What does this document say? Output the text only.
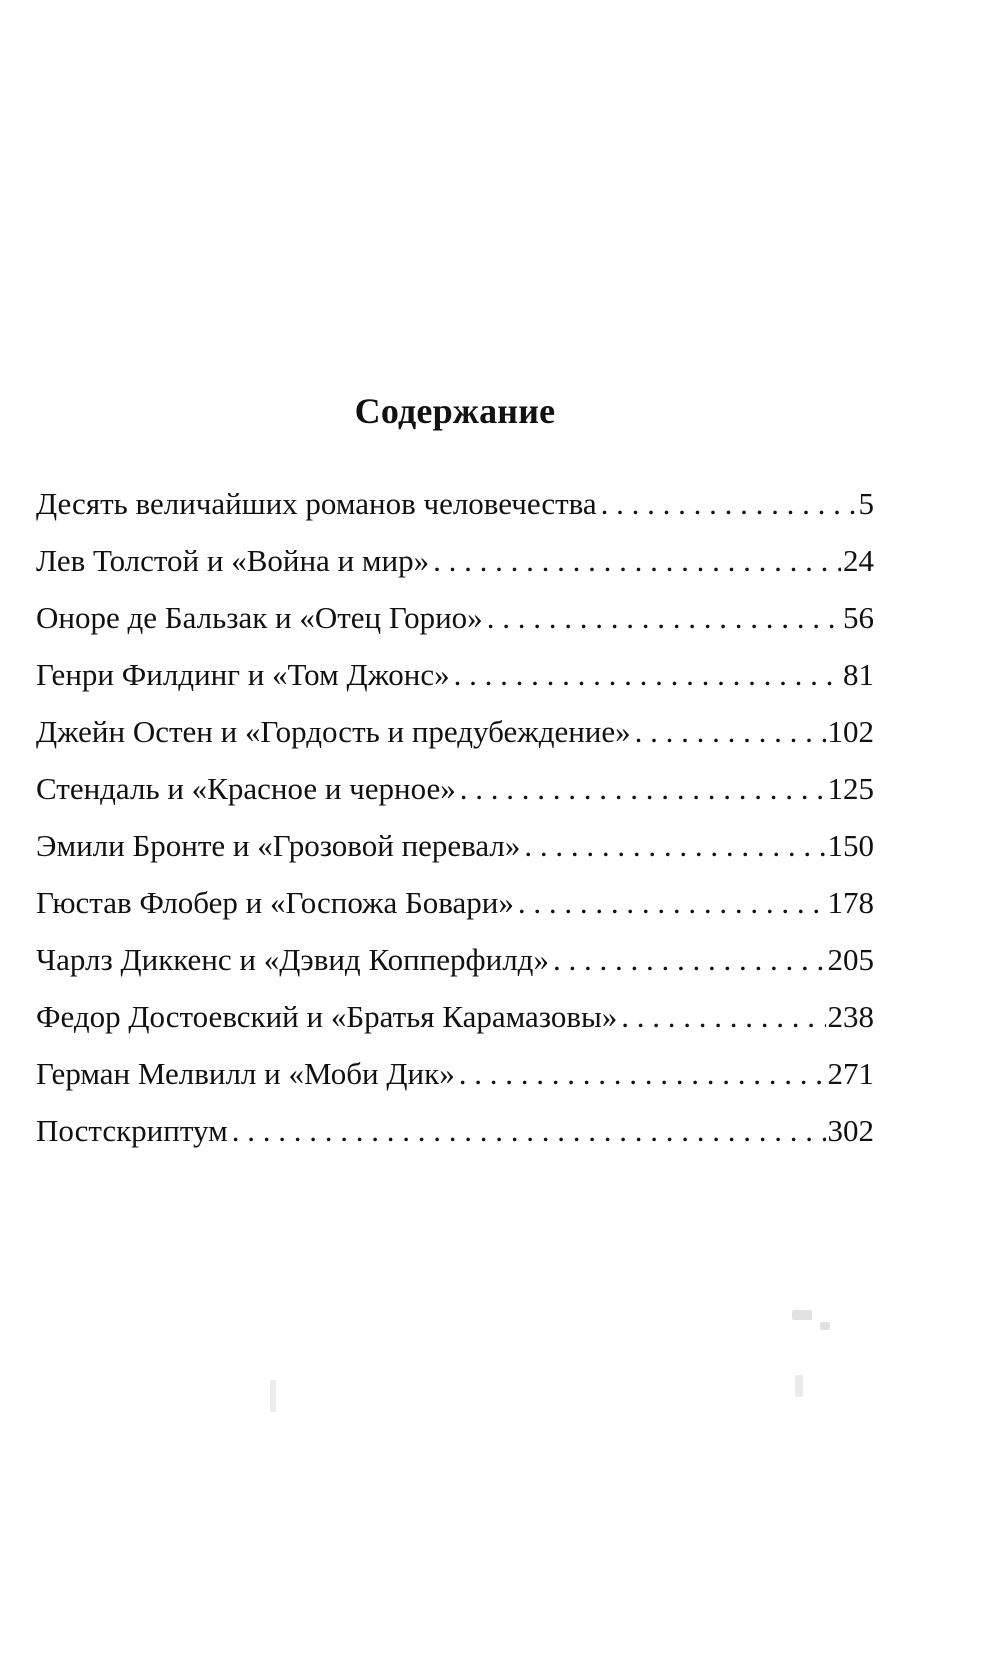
Содержание
Десять величайших романов человечества . . .	5
Лев Толстой и «Война и мир» . . .	24
Оноре де Бальзак и «Отец Горио» . . .	56
Генри Филдинг и «Том Джонс» . . .	81
Джейн Остен и «Гордость и предубеждение» . . .	102
Стендаль и «Красное и черное» . . .	125
Эмили Бронте и «Грозовой перевал» . . .	150
Гюстав Флобер и «Госпожа Бовари» . . .	178
Чарлз Диккенс и «Дэвид Копперфилд» . . .	205
Федор Достоевский и «Братья Карамазовы» . . .	238
Герман Мелвилл и «Моби Дик» . . .	271
Постскриптум . . .	302
